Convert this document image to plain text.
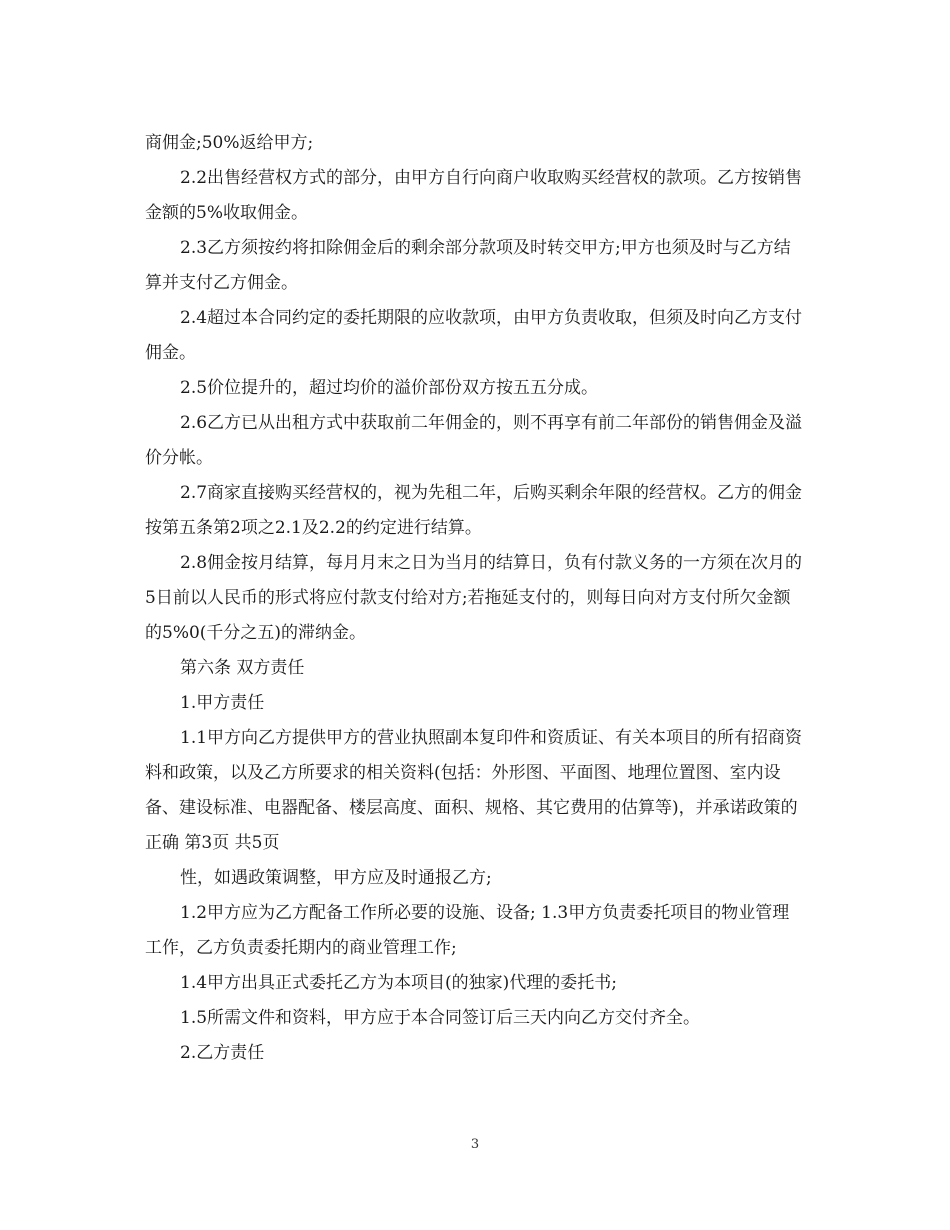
商佣金;50%返给甲方;

2.2出售经营权方式的部分，由甲方自行向商户收取购买经营权的款项。乙方按销售金额的5%收取佣金。

2.3乙方须按约将扣除佣金后的剩余部分款项及时转交甲方;甲方也须及时与乙方结算并支付乙方佣金。

2.4超过本合同约定的委托期限的应收款项，由甲方负责收取，但须及时向乙方支付佣金。

2.5价位提升的，超过均价的溢价部份双方按五五分成。

2.6乙方已从出租方式中获取前二年佣金的，则不再享有前二年部份的销售佣金及溢价分帐。

2.7商家直接购买经营权的，视为先租二年，后购买剩余年限的经营权。乙方的佣金按第五条第2项之2.1及2.2的约定进行结算。

2.8佣金按月结算，每月月末之日为当月的结算日，负有付款义务的一方须在次月的5日前以人民币的形式将应付款支付给对方;若拖延支付的，则每日向对方支付所欠金额的5%0(千分之五)的滞纳金。

第六条 双方责任

1.甲方责任

1.1甲方向乙方提供甲方的营业执照副本复印件和资质证、有关本项目的所有招商资料和政策，以及乙方所要求的相关资料(包括：外形图、平面图、地理位置图、室内设备、建设标准、电器配备、楼层高度、面积、规格、其它费用的估算等)，并承诺政策的正确 第3页 共5页

性，如遇政策调整，甲方应及时通报乙方;

1.2甲方应为乙方配备工作所必要的设施、设备; 1.3甲方负责委托项目的物业管理工作，乙方负责委托期内的商业管理工作;

1.4甲方出具正式委托乙方为本项目(的独家)代理的委托书;

1.5所需文件和资料，甲方应于本合同签订后三天内向乙方交付齐全。

2.乙方责任

3
